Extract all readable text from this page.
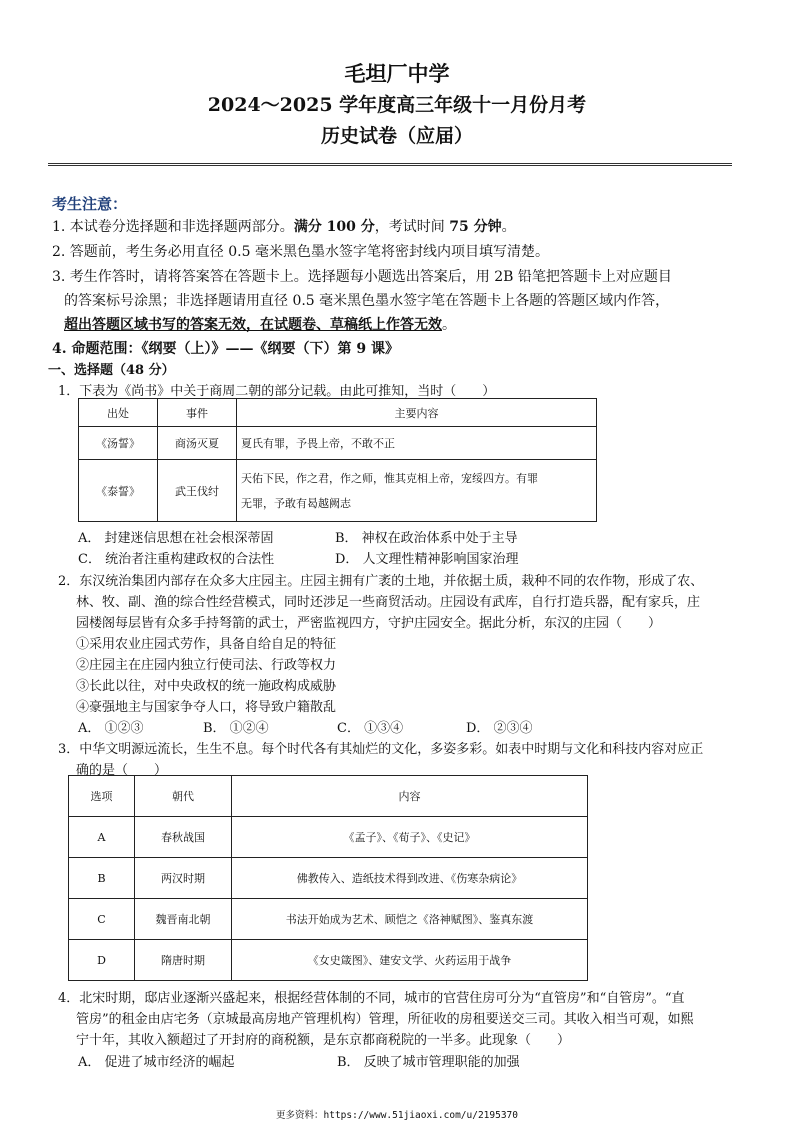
毛坦厂中学
2024～2025 学年度高三年级十一月份月考
历史试卷（应届）
考生注意：
1. 本试卷分选择题和非选择题两部分。满分 100 分，考试时间 75 分钟。
2. 答题前，考生务必用直径 0.5 毫米黑色墨水签字笔将密封线内项目填写清楚。
3. 考生作答时，请将答案答在答题卡上。选择题每小题选出答案后，用 2B 铅笔把答题卡上对应题目
的答案标号涂黑；非选择题请用直径 0.5 毫米黑色墨水签字笔在答题卡上各题的答题区域内作答，
超出答题区域书写的答案无效，在试题卷、草稿纸上作答无效。
4. 命题范围：《纲要（上）》——《纲要（下）第 9 课》
一、选择题（48 分）
1．下表为《尚书》中关于商周二朝的部分记载。由此可推知，当时（　　）
出处	事件	主要内容
《汤誓》	商汤灭夏	夏氏有罪，予畏上帝，不敢不正
《泰誓》	武王伐纣	天佑下民，作之君，作之师，惟其克相上帝，宠绥四方。有罪
无罪，予敢有曷越阙志
A． 封建迷信思想在社会根深蒂固	B． 神权在政治体系中处于主导
C． 统治者注重构建政权的合法性	D． 人文理性精神影响国家治理
2．东汉统治集团内部存在众多大庄园主。庄园主拥有广袤的土地，并依据土质，栽种不同的农作物，形成了农、
林、牧、副、渔的综合性经营模式，同时还涉足一些商贸活动。庄园设有武库，自行打造兵器，配有家兵，庄
园楼阁每层皆有众多手持弩箭的武士，严密监视四方，守护庄园安全。据此分析，东汉的庄园（　　）
①采用农业庄园式劳作，具备自给自足的特征
②庄园主在庄园内独立行使司法、行政等权力
③长此以往，对中央政权的统一施政构成威胁
④豪强地主与国家争夺人口，将导致户籍散乱
A． ①②③	B． ①②④	C． ①③④	D． ②③④
3．中华文明源远流长，生生不息。每个时代各有其灿烂的文化，多姿多彩。如表中时期与文化和科技内容对应正
确的是（　　）
选项	朝代	内容
A	春秋战国	《孟子》、《荀子》、《史记》
B	两汉时期	佛教传入、造纸技术得到改进、《伤寒杂病论》
C	魏晋南北朝	书法开始成为艺术、顾恺之《洛神赋图》、鉴真东渡
D	隋唐时期	《女史箴图》、建安文学、火药运用于战争
4．北宋时期，邸店业逐渐兴盛起来，根据经营体制的不同，城市的官营住房可分为“直管房”和“自管房”。“直
管房”的租金由店宅务（京城最高房地产管理机构）管理，所征收的房租要送交三司。其收入相当可观，如熙
宁十年，其收入额超过了开封府的商税额，是东京都商税院的一半多。此现象（　　）
A． 促进了城市经济的崛起	B． 反映了城市管理职能的加强
更多资料：https://www.51jiaoxi.com/u/2195370
